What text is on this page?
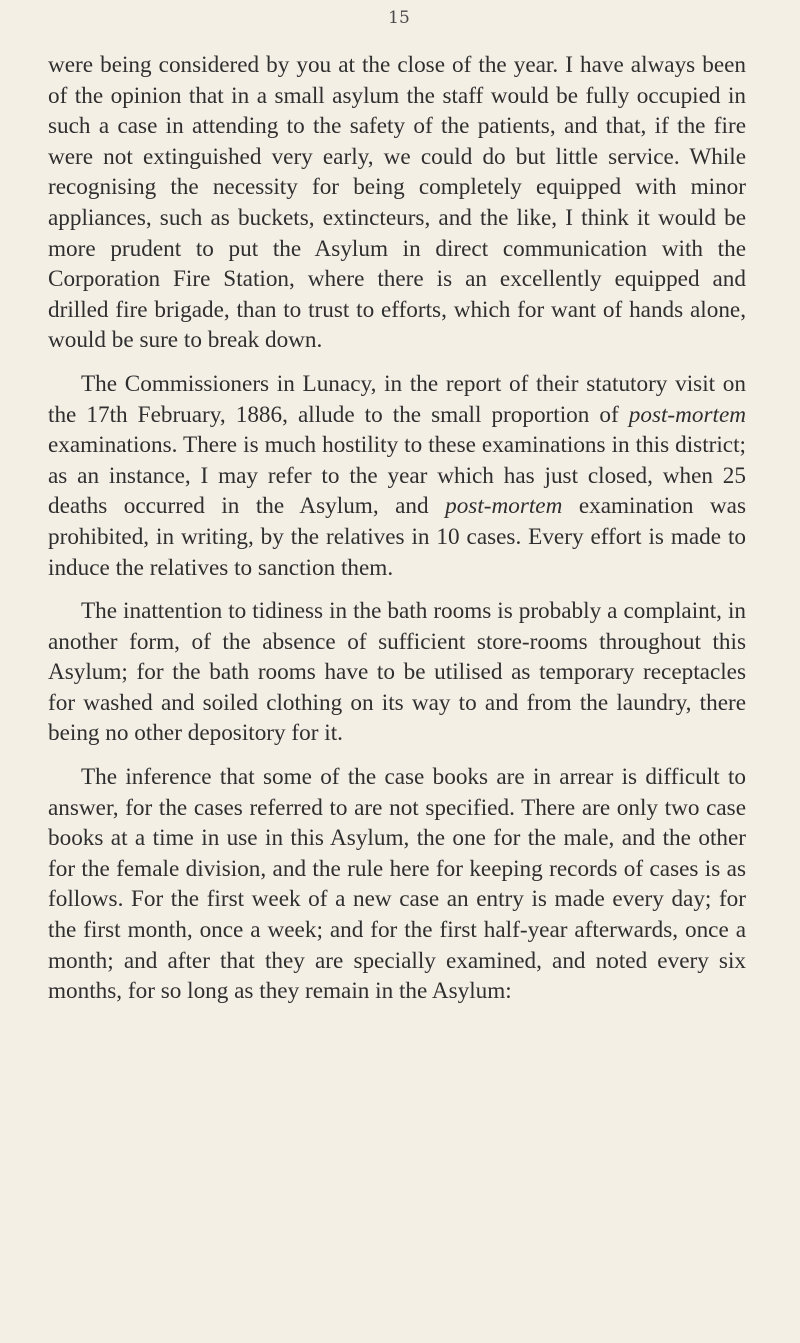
15

were being considered by you at the close of the year. I have always been of the opinion that in a small asylum the staff would be fully occupied in such a case in attending to the safety of the patients, and that, if the fire were not extinguished very early, we could do but little service. While recognising the necessity for being completely equipped with minor appliances, such as buckets, extincteurs, and the like, I think it would be more prudent to put the Asylum in direct communication with the Corporation Fire Station, where there is an excellently equipped and drilled fire brigade, than to trust to efforts, which for want of hands alone, would be sure to break down.

The Commissioners in Lunacy, in the report of their statutory visit on the 17th February, 1886, allude to the small proportion of post-mortem examinations. There is much hostility to these examinations in this district; as an instance, I may refer to the year which has just closed, when 25 deaths occurred in the Asylum, and post-mortem examination was prohibited, in writing, by the relatives in 10 cases. Every effort is made to induce the relatives to sanction them.

The inattention to tidiness in the bath rooms is probably a complaint, in another form, of the absence of sufficient store-rooms throughout this Asylum; for the bath rooms have to be utilised as temporary receptacles for washed and soiled clothing on its way to and from the laundry, there being no other depository for it.

The inference that some of the case books are in arrear is difficult to answer, for the cases referred to are not specified. There are only two case books at a time in use in this Asylum, the one for the male, and the other for the female division, and the rule here for keeping records of cases is as follows. For the first week of a new case an entry is made every day; for the first month, once a week; and for the first half-year afterwards, once a month; and after that they are specially examined, and noted every six months, for so long as they remain in the Asylum:
